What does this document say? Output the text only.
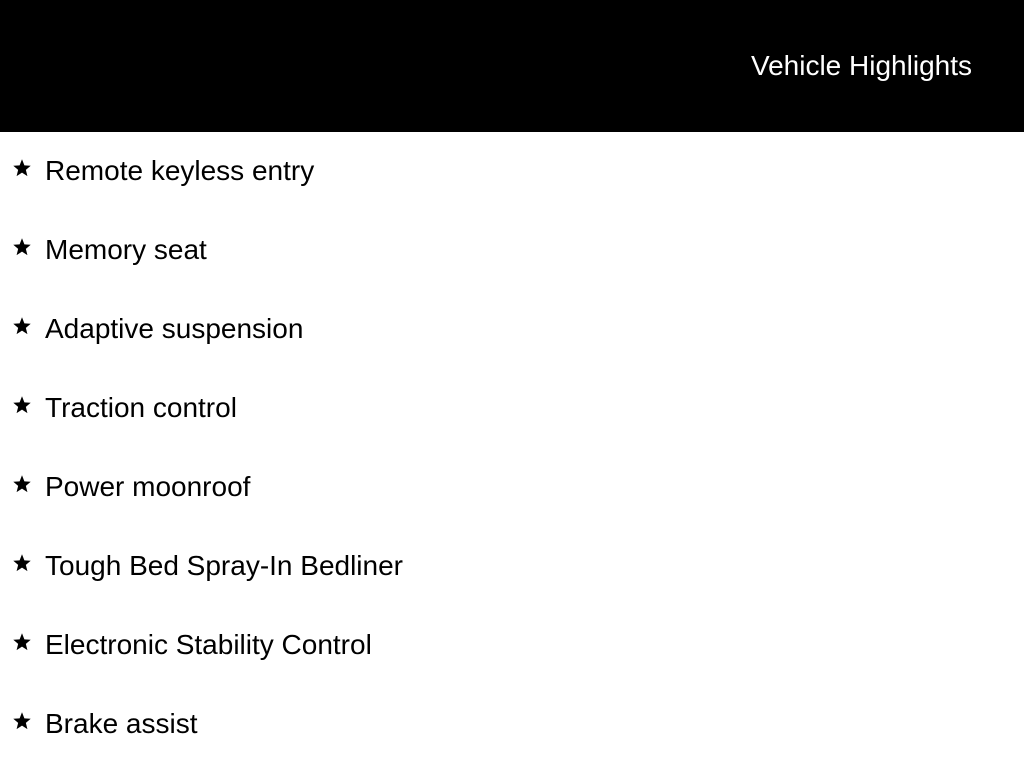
Vehicle Highlights
Remote keyless entry
Memory seat
Adaptive suspension
Traction control
Power moonroof
Tough Bed Spray-In Bedliner
Electronic Stability Control
Brake assist
